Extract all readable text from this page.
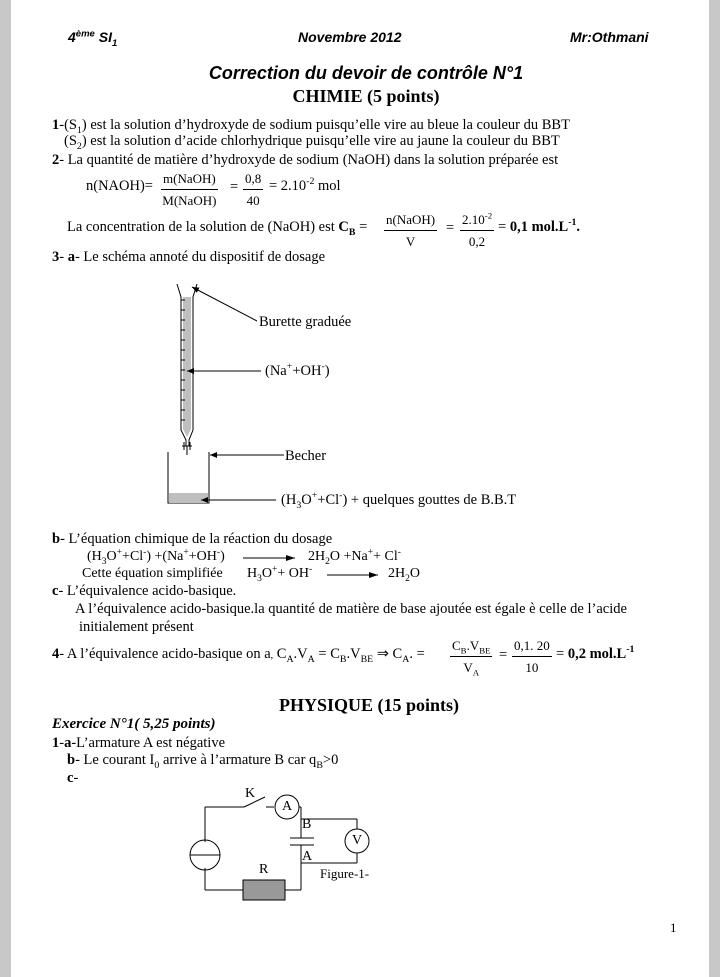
4ème $SI_1$	Novembre 2012	Mr:Othmani
Correction du devoir de contrôle N°1
CHIMIE (5 points)
$1-(S_1)$ est la solution d’hydroxyde de sodium puisqu’elle vire au bleue la couleur du BBT
$(S_2)$ est la solution d’acide chlorhydrique puisqu’elle vire au jaune la couleur du BBT
2- La quantité de matière d’hydroxyde de sodium (NaOH) dans la solution préparée est
n(NAOH)= m(NaOH)
M(NaOH)
= $\frac{0,8}{40} = 2.10^{-2}$ mol
La concentration de la solution de (NaOH) est $C_B$ = n(NaOH)
V
= $\frac{2.10^{-2}}{0,2} = 0,1$ $mol.L^{-1}$.
3- a- Le schéma annoté du dispositif de dosage
Burette graduée
(Na++OH-)
Becher
$(H_3O^++Cl^-)$ + quelques gouttes de B.B.T
b- L’équation chimique de la réaction du dosage
$(H_3O^++Cl^-) +(Na^++OH^-)$	$2H_2O +Na^++ Cl^-$
Cette équation simplifiée $H_3O^++ OH^-$	$2H_2O$
c- L’équivalence acido-basique.
A l’équivalence acido-basique.la quantité de matière de base ajoutée est égale è celle de l’acide
initialement présent
4- A l’équivalence acido-basique on a, $C_A.V_A = C_B.V_{BE}$ ⇒ $C_A$. =
$C_B.V_{BE}$
$V_A$
= $\frac{0,1. 20}{10} = 0,2$ $mol.L^{-1}$
PHYSIQUE (15 points)
Exercice N°1( 5,25 points)
1-a-L’armature A est négative
b- Le courant $I_0$ arrive à l’armature B car $q_B>0$
c-
K
A
B
V
A
R	Figure-1-
1
